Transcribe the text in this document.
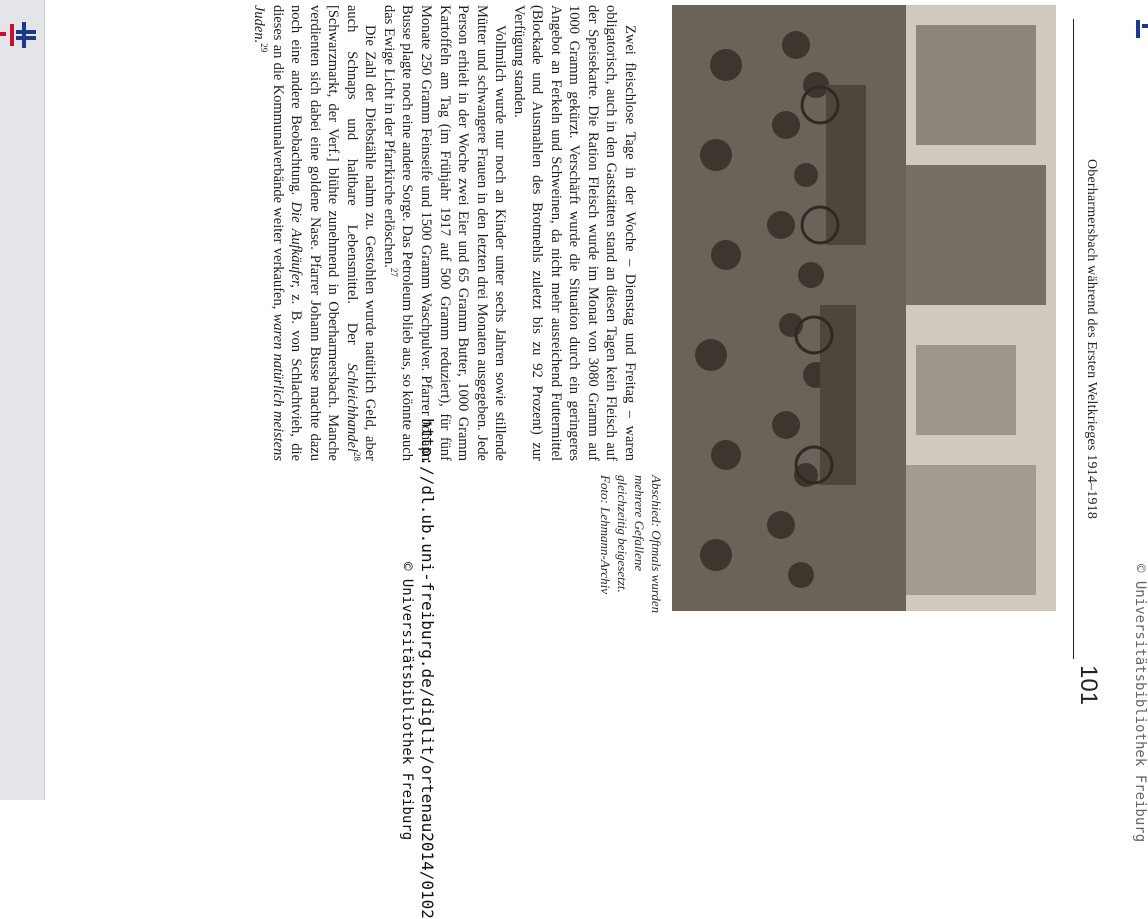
Oberharmersbach während des Ersten Weltkrieges 1914–1918
101
Abschied: Oftmals wurden mehrere Gefallene gleichzeitig beigesetzt. Foto: Lehmann-Archiv

Zwei fleischlose Tage in der Woche – Dienstag und Freitag – waren obligatorisch, auch in den Gaststätten stand an diesen Tagen kein Fleisch auf der Speisekarte. Die Ration Fleisch wurde im Monat von 3080 Gramm auf 1000 Gramm gekürzt. Verschärft wurde die Situation durch ein geringeres Angebot an Ferkeln und Schweinen, da nicht mehr ausreichend Futtermittel (Blockade und Ausmahlen des Brotmehls zuletzt bis zu 92 Prozent) zur Verfügung standen.

Vollmilch wurde nur noch an Kinder unter sechs Jahren sowie stillende Mütter und schwangere Frauen in den letzten drei Monaten ausgegeben. Jede Person erhielt in der Woche zwei Eier und 65 Gramm Butter, 1000 Gramm Kartoffeln am Tag (im Frühjahr 1917 auf 500 Gramm reduziert), für fünf Monate 250 Gramm Feinseife und 1500 Gramm Waschpulver. Pfarrer Johann Busse plagte noch eine andere Sorge. Das Petroleum blieb aus, so könnte auch das Ewige Licht in der Pfarrkirche erlöschen.$^{27}$

Die Zahl der Diebstähle nahm zu. Gestohlen wurde natürlich Geld, aber auch Schnaps und haltbare Lebensmittel. Der Schleichhandel$^{28}$ [Schwarzmarkt, der Verf.] blühte zunehmend in Oberharmersbach. Manche verdienten sich dabei eine goldene Nase. Pfarrer Johann Busse machte dazu noch eine andere Beobachtung. Die Aufkäufer, z. B. von Schlachtvieh, die dieses an die Kommunalverbände weiter verkaufen, waren natürlich meistens Juden.$^{29}$

http://dl.ub.uni-freiburg.de/diglit/ortenau2014/0102
© Universitätsbibliothek Freiburg	© Universitätsbibliothek Freiburg
